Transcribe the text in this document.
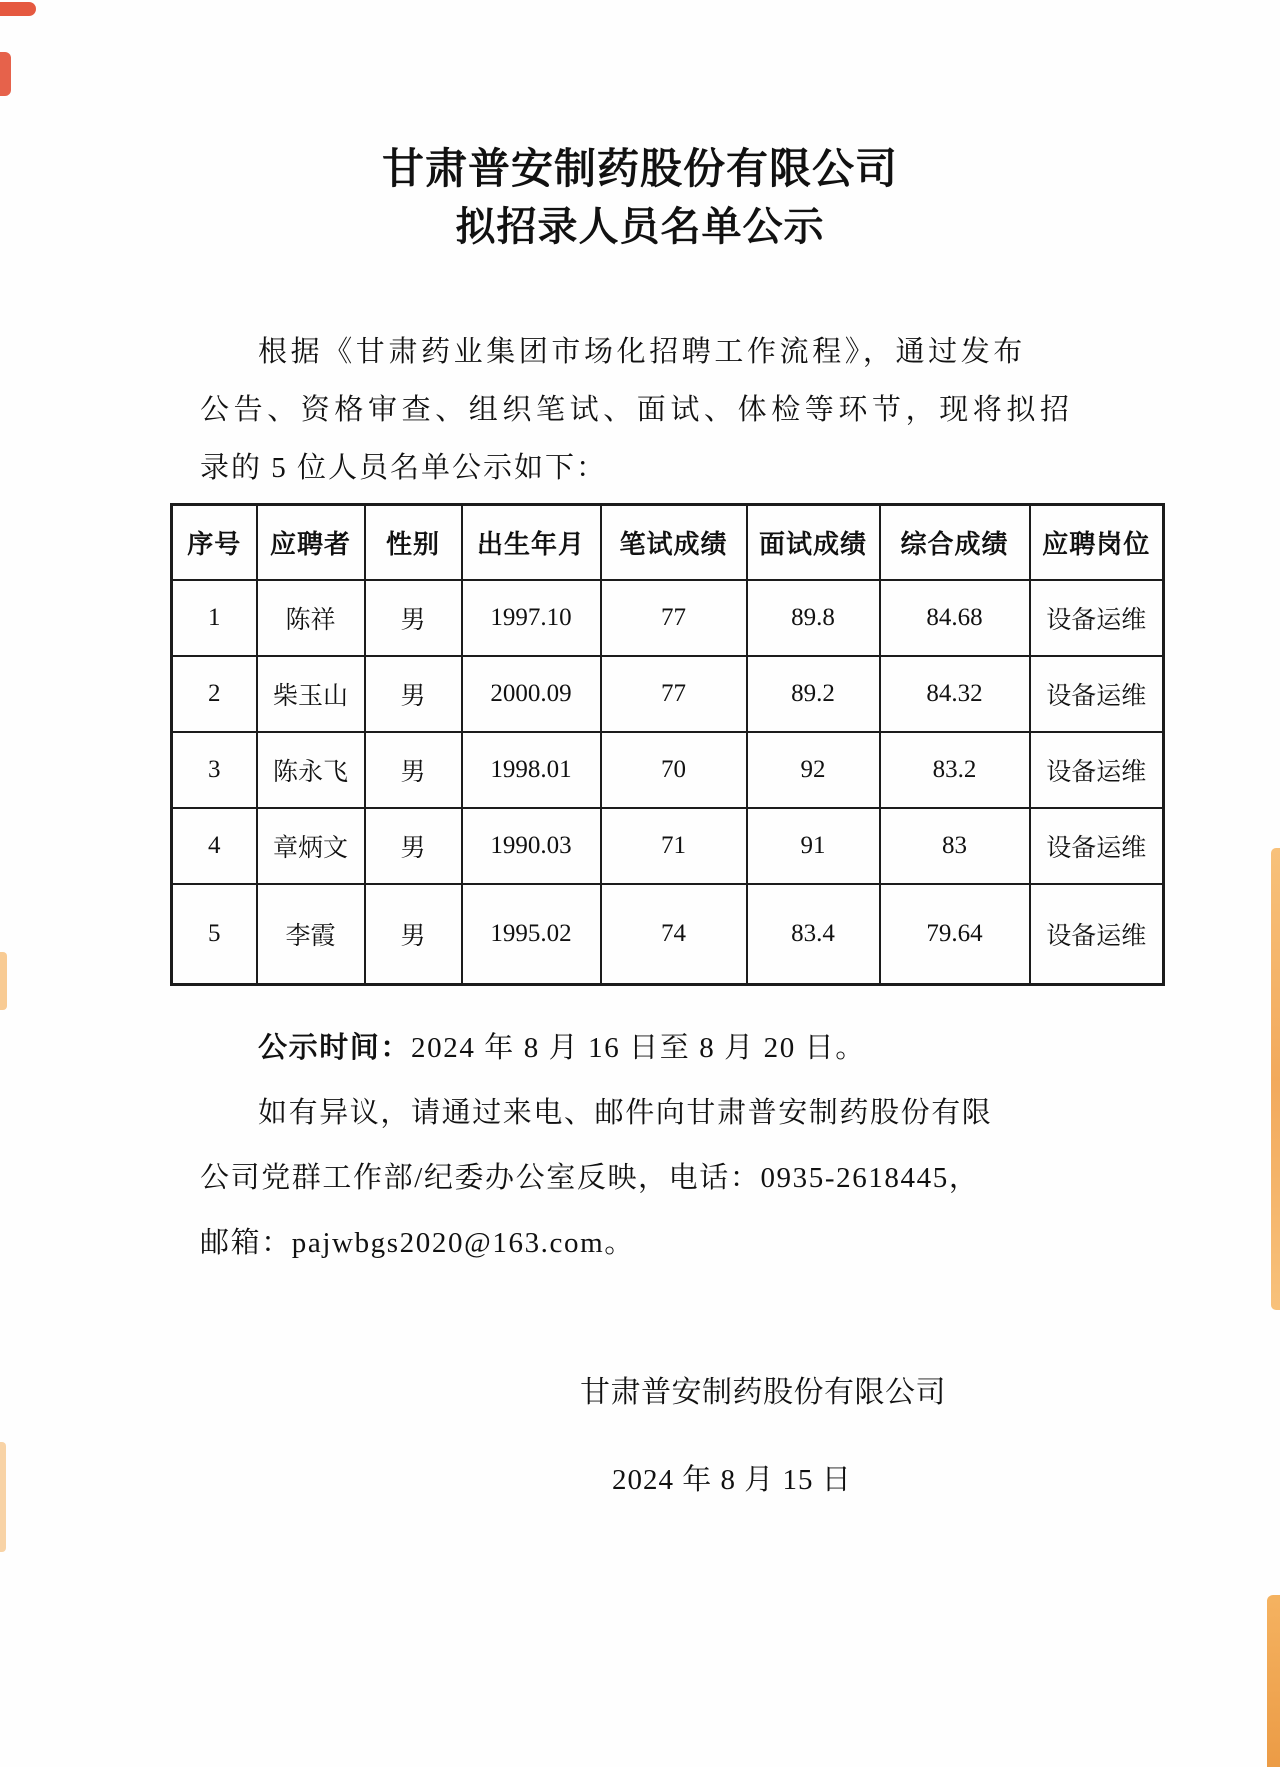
甘肃普安制药股份有限公司
拟招录人员名单公示
根据《甘肃药业集团市场化招聘工作流程》，通过发布
公告、资格审查、组织笔试、面试、体检等环节，现将拟招
录的 5 位人员名单公示如下：
序号	应聘者	性别	出生年月	笔试成绩	面试成绩	综合成绩	应聘岗位
1	陈祥	男	1997.10	77	89.8	84.68	设备运维
2	柴玉山	男	2000.09	77	89.2	84.32	设备运维
3	陈永飞	男	1998.01	70	92	83.2	设备运维
4	章炳文	男	1990.03	71	91	83	设备运维
5	李霞	男	1995.02	74	83.4	79.64	设备运维
公示时间：2024 年 8 月 16 日至 8 月 20 日。
如有异议，请通过来电、邮件向甘肃普安制药股份有限
公司党群工作部/纪委办公室反映，电话：0935-2618445，
邮箱：pajwbgs2020@163.com。
甘肃普安制药股份有限公司
2024 年 8 月 15 日
